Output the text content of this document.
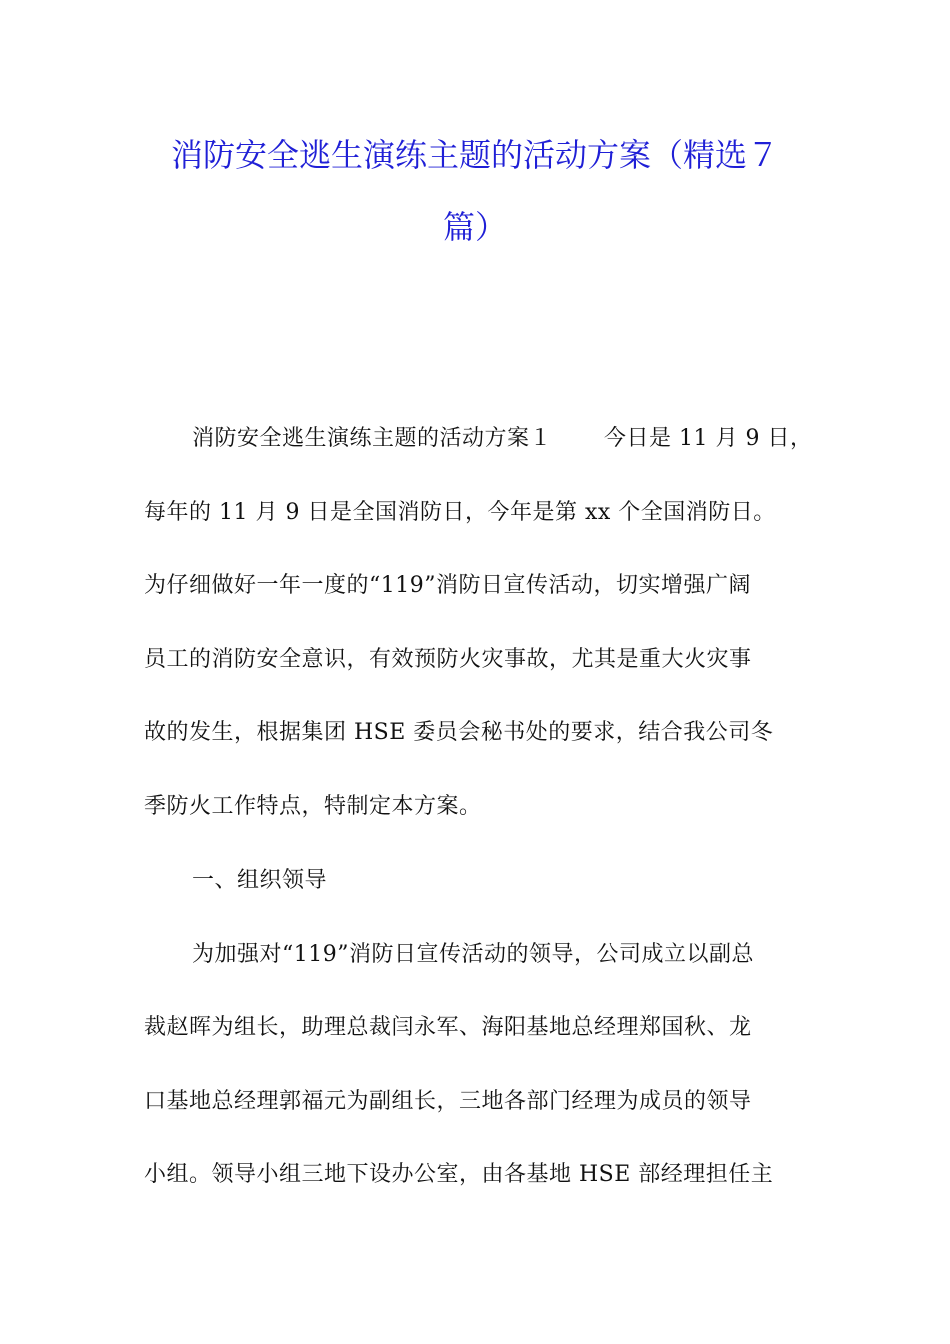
消防安全逃生演练主题的活动方案（精选７
篇）
消防安全逃生演练主题的活动方案１ 今日是 11 月 9 日，
每年的 11 月 9 日是全国消防日，今年是第 xx 个全国消防日。
为仔细做好一年一度的“119”消防日宣传活动，切实增强广阔
员工的消防安全意识，有效预防火灾事故，尤其是重大火灾事
故的发生，根据集团 HSE 委员会秘书处的要求，结合我公司冬
季防火工作特点，特制定本方案。
一、组织领导
为加强对“119”消防日宣传活动的领导，公司成立以副总
裁赵晖为组长，助理总裁闫永军、海阳基地总经理郑国秋、龙
口基地总经理郭福元为副组长，三地各部门经理为成员的领导
小组。领导小组三地下设办公室，由各基地 HSE 部经理担任主
